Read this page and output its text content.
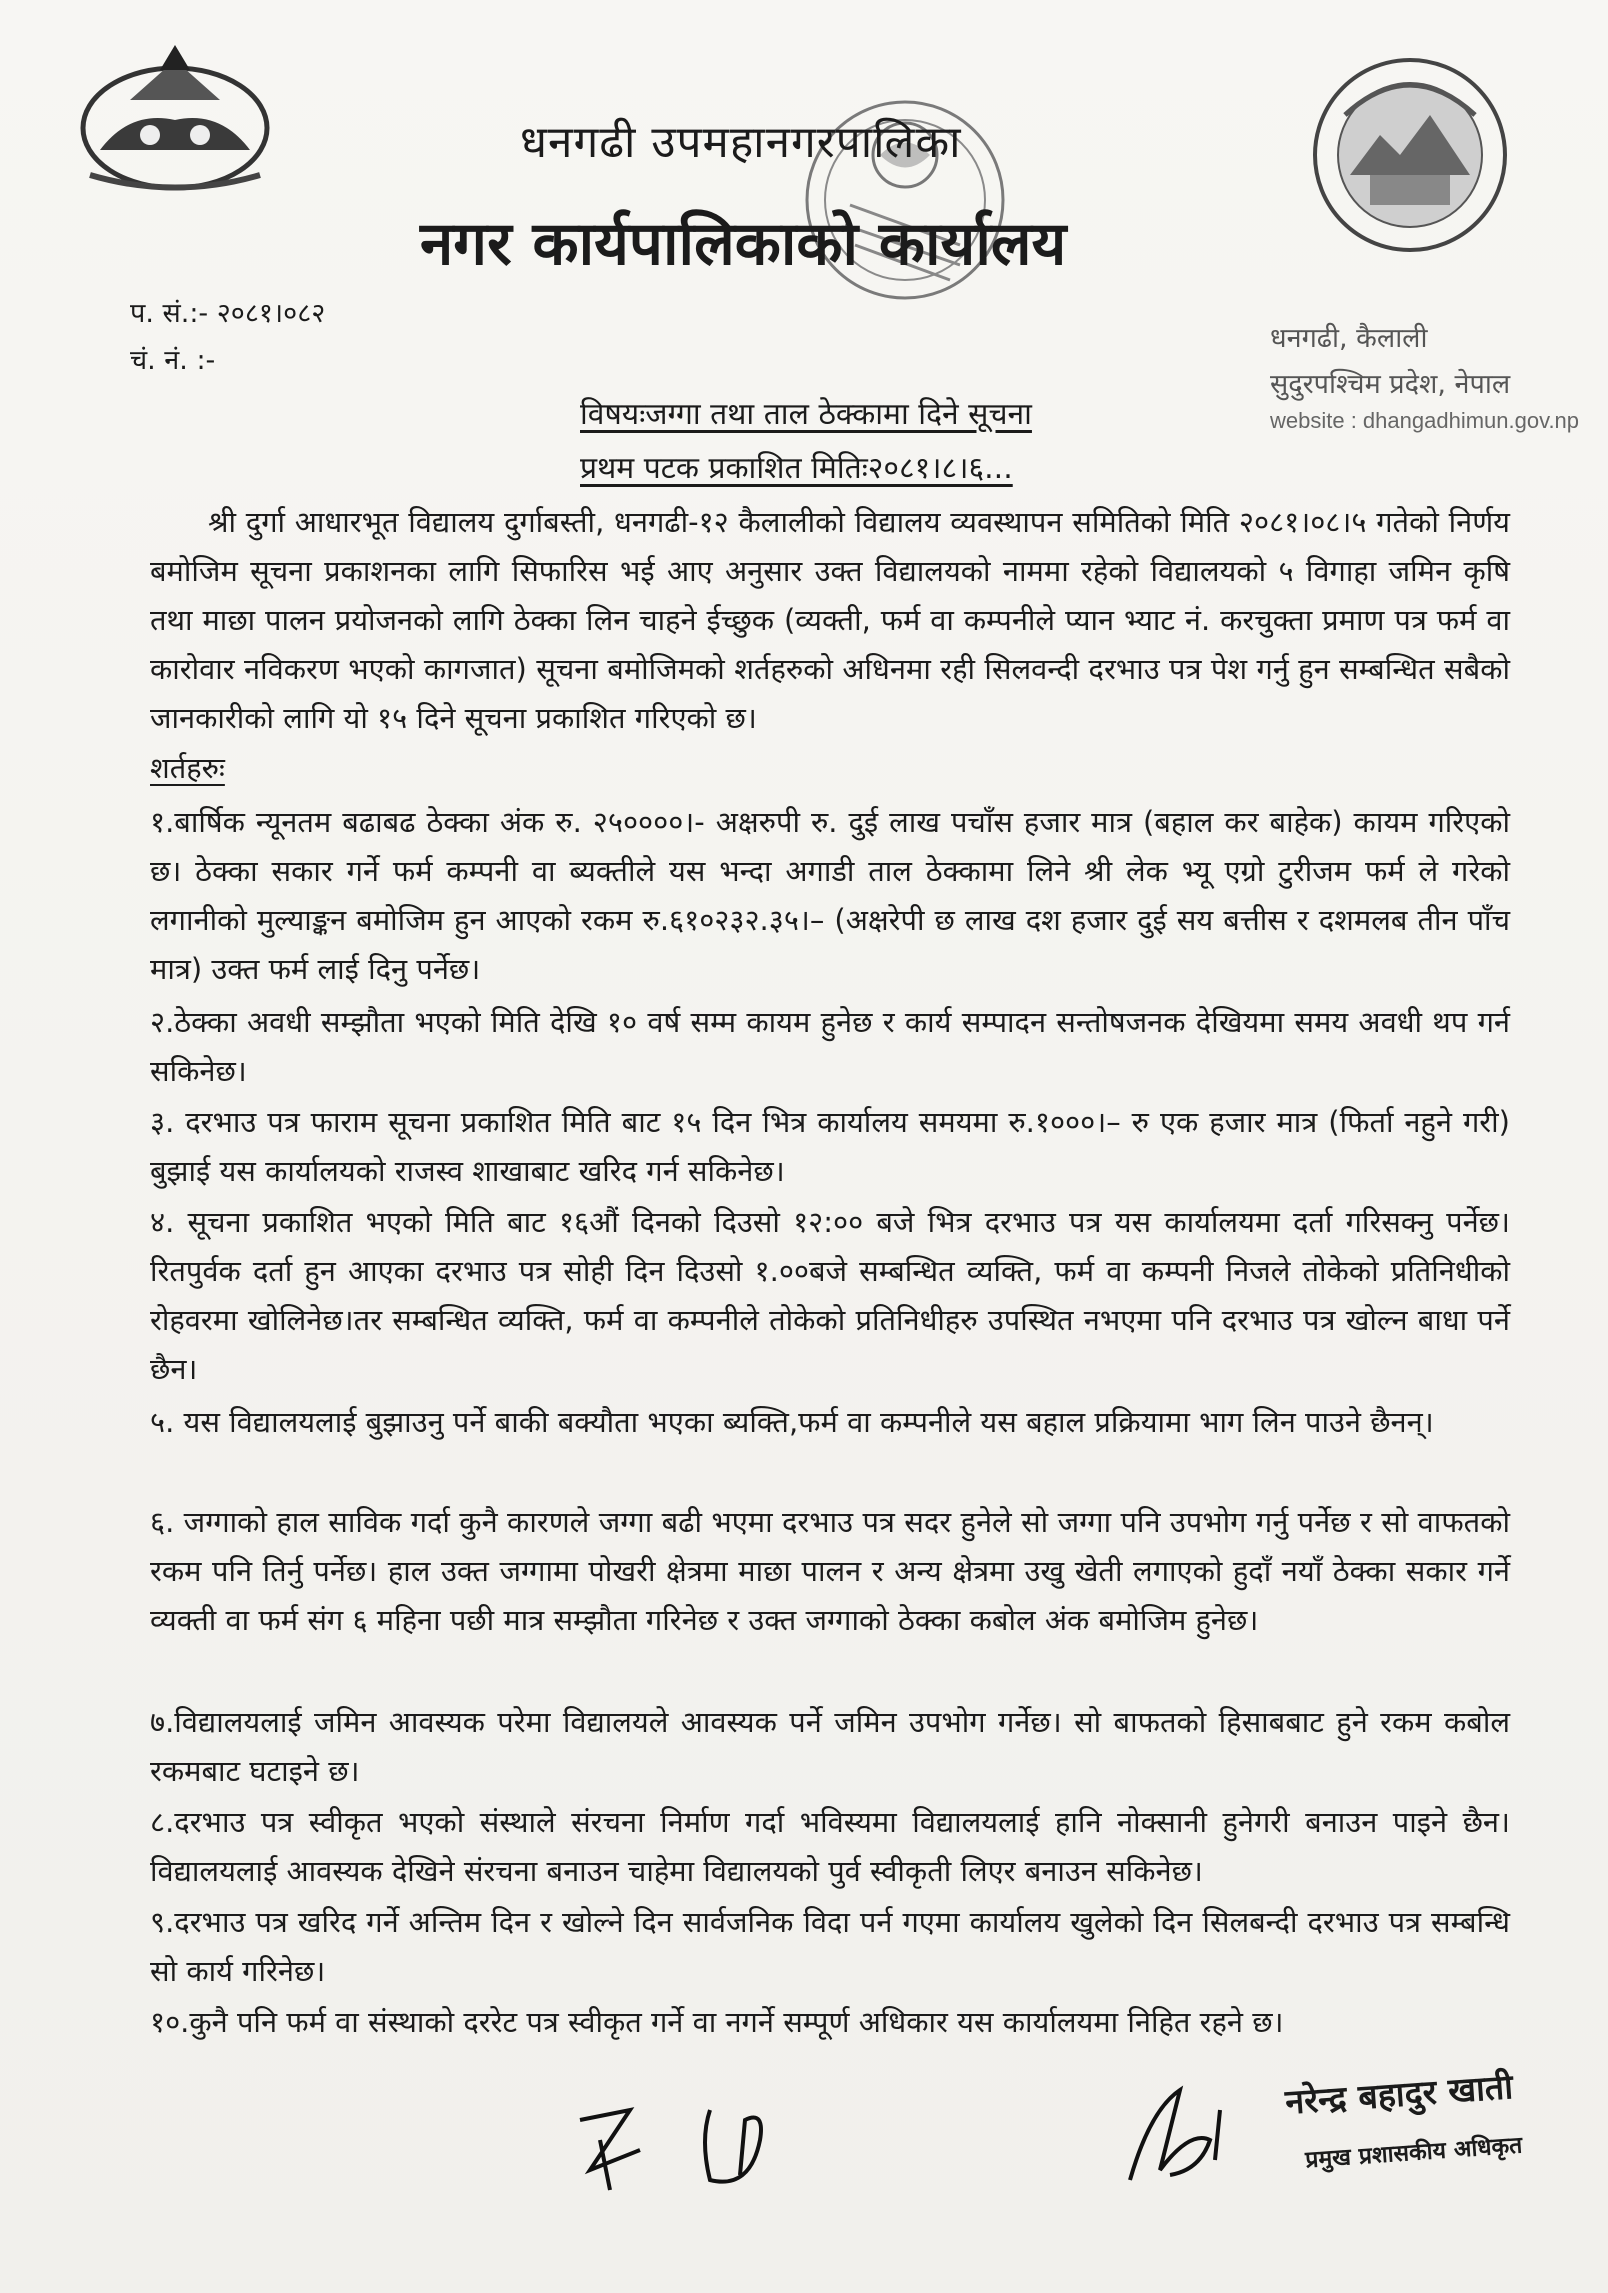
धनगढी उपमहानगरपालिका
नगर कार्यपालिकाको कार्यालय
प. सं.:- २०८१।०८२
चं. नं. :-
धनगढी, कैलाली
सुदुरपश्चिम प्रदेश, नेपाल
website : dhangadhimun.gov.np
विषयःजग्गा तथा ताल ठेक्कामा दिने सूचना
प्रथम पटक प्रकाशित मितिः२०८१।८।६...
श्री दुर्गा आधारभूत विद्यालय दुर्गाबस्ती, धनगढी-१२ कैलालीको विद्यालय व्यवस्थापन समितिको मिति २०८१।०८।५ गतेको निर्णय बमोजिम सूचना प्रकाशनका लागि सिफारिस भई आए अनुसार उक्त विद्यालयको नाममा रहेको विद्यालयको ५ विगाहा जमिन कृषि तथा माछा पालन प्रयोजनको लागि ठेक्का लिन चाहने ईच्छुक (व्यक्ती, फर्म वा कम्पनीले प्यान भ्याट नं. करचुक्ता प्रमाण पत्र फर्म वा कारोवार नविकरण भएको कागजात) सूचना बमोजिमको शर्तहरुको अधिनमा रही सिलवन्दी दरभाउ पत्र पेश गर्नु हुन सम्बन्धित सबैको जानकारीको लागि यो १५ दिने सूचना प्रकाशित गरिएको छ।
शर्तहरुः
१.बार्षिक न्यूनतम बढाबढ ठेक्का अंक रु. २५००००।- अक्षरुपी रु. दुई लाख पचाँस हजार मात्र (बहाल कर बाहेक) कायम गरिएको छ। ठेक्का सकार गर्ने फर्म कम्पनी वा ब्यक्तीले यस भन्दा अगाडी ताल ठेक्कामा लिने श्री लेक भ्यू एग्रो टुरीजम फर्म ले गरेको लगानीको मुल्याङ्कन बमोजिम हुन आएको रकम रु.६१०२३२.३५।– (अक्षरेपी छ लाख दश हजार दुई सय बत्तीस र दशमलब तीन पाँच मात्र) उक्त फर्म लाई दिनु पर्नेछ।
२.ठेक्का अवधी सम्झौता भएको मिति देखि १० वर्ष सम्म कायम हुनेछ र कार्य सम्पादन सन्तोषजनक देखियमा समय अवधी थप गर्न सकिनेछ।
३. दरभाउ पत्र फाराम सूचना प्रकाशित मिति बाट १५ दिन भित्र कार्यालय समयमा रु.१०००।– रु एक हजार मात्र (फिर्ता नहुने गरी) बुझाई यस कार्यालयको राजस्व शाखाबाट खरिद गर्न सकिनेछ।
४. सूचना प्रकाशित भएको मिति बाट १६औं दिनको दिउसो १२:०० बजे भित्र दरभाउ पत्र यस कार्यालयमा दर्ता गरिसक्नु पर्नेछ।रितपुर्वक दर्ता हुन आएका दरभाउ पत्र सोही दिन दिउसो १.००बजे सम्बन्धित व्यक्ति, फर्म वा कम्पनी निजले तोकेको प्रतिनिधीको रोहवरमा खोलिनेछ।तर सम्बन्धित व्यक्ति, फर्म वा कम्पनीले तोकेको प्रतिनिधीहरु उपस्थित नभएमा पनि दरभाउ पत्र खोल्न बाधा पर्ने छैन।
५. यस विद्यालयलाई बुझाउनु पर्ने बाकी बक्यौता भएका ब्यक्ति,फर्म वा कम्पनीले यस बहाल प्रक्रियामा भाग लिन पाउने छैनन्।
६. जग्गाको हाल साविक गर्दा कुनै कारणले जग्गा बढी भएमा दरभाउ पत्र सदर हुनेले सो जग्गा पनि उपभोग गर्नु पर्नेछ र सो वाफतको रकम पनि तिर्नु पर्नेछ। हाल उक्त जग्गामा पोखरी क्षेत्रमा माछा पालन र अन्य क्षेत्रमा उखु खेती लगाएको हुदाँ नयाँ ठेक्का सकार गर्ने व्यक्ती वा फर्म संग ६ महिना पछी मात्र सम्झौता गरिनेछ र उक्त जग्गाको ठेक्का कबोल अंक बमोजिम हुनेछ।
७.विद्यालयलाई जमिन आवस्यक परेमा विद्यालयले आवस्यक पर्ने जमिन उपभोग गर्नेछ। सो बाफतको हिसाबबाट हुने रकम कबोल रकमबाट घटाइने छ।
८.दरभाउ पत्र स्वीकृत भएको संस्थाले संरचना निर्माण गर्दा भविस्यमा विद्यालयलाई हानि नोक्सानी हुनेगरी बनाउन पाइने छैन। विद्यालयलाई आवस्यक देखिने संरचना बनाउन चाहेमा विद्यालयको पुर्व स्वीकृती लिएर बनाउन सकिनेछ।
९.दरभाउ पत्र खरिद गर्ने अन्तिम दिन र खोल्ने दिन सार्वजनिक विदा पर्न गएमा कार्यालय खुलेको दिन सिलबन्दी दरभाउ पत्र सम्बन्धि सो कार्य गरिनेछ।
१०.कुनै पनि फर्म वा संस्थाको दररेट पत्र स्वीकृत गर्ने वा नगर्ने सम्पूर्ण अधिकार यस कार्यालयमा निहित रहने छ।
नरेन्द्र बहादुर खाती
प्रमुख प्रशासकीय अधिकृत
